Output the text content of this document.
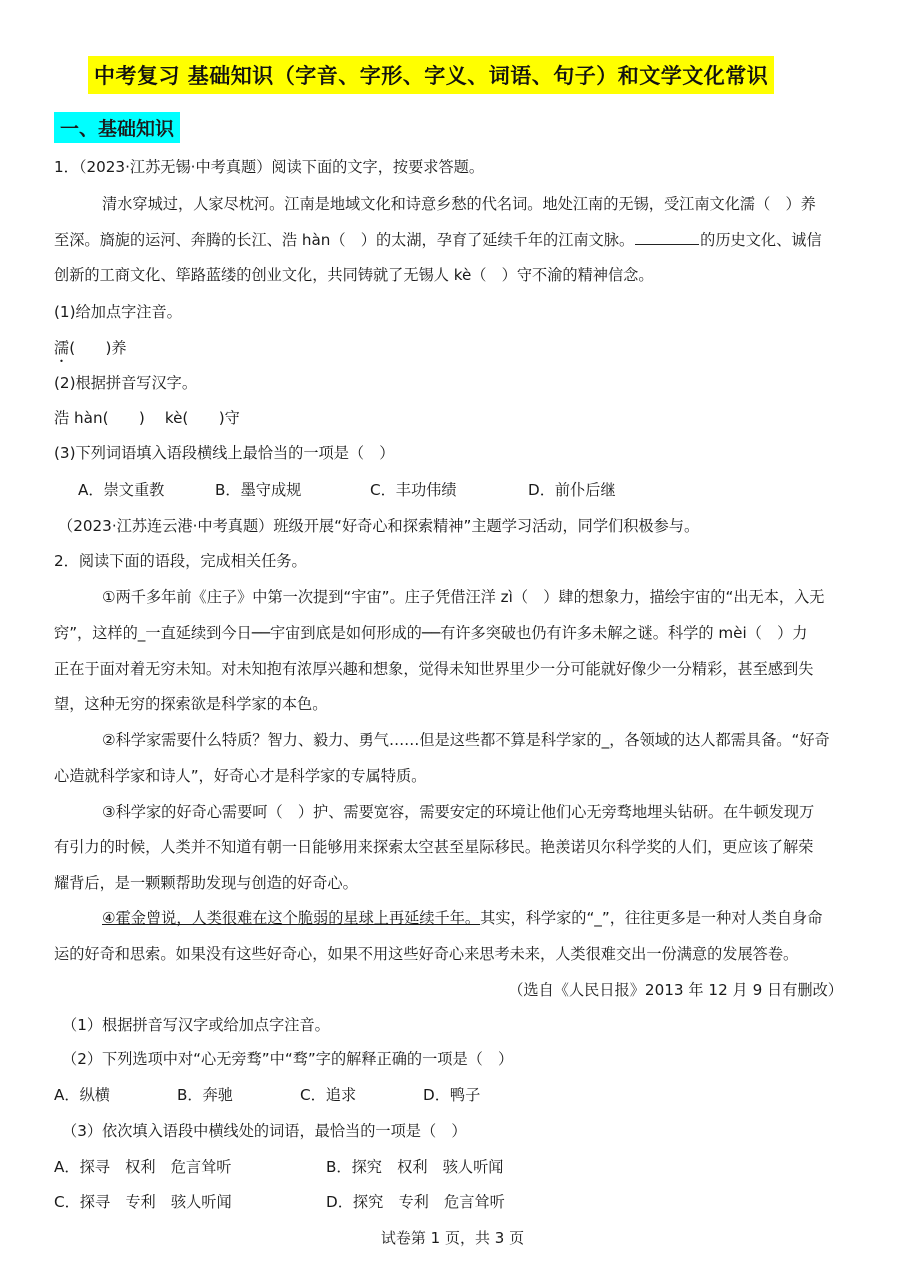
中考复习 基础知识（字音、字形、字义、词语、句子）和文学文化常识
一、基础知识
1．（2023·江苏无锡·中考真题）阅读下面的文字，按要求答题。
清水穿城过，人家尽枕河。江南是地域文化和诗意乡愁的代名词。地处江南的无锡，受江南文化濡（　）养
至深。旖旎的运河、奔腾的长江、浩 hàn（　）的太湖，孕育了延续千年的江南文脉。	的历史文化、诚信
创新的工商文化、筚路蓝缕的创业文化，共同铸就了无锡人 kè（　）守不渝的精神信念。
(1)给加点字注音。
濡(　　)养
(2)根据拼音写汉字。
浩 hàn(　　)　 kè(　　)守
(3)下列词语填入语段横线上最恰当的一项是（　）
A．崇文重教	B．墨守成规	C．丰功伟绩	D．前仆后继
（2023·江苏连云港·中考真题）班级开展“好奇心和探索精神”主题学习活动，同学们积极参与。
2．阅读下面的语段，完成相关任务。
①两千多年前《庄子》中第一次提到“宇宙”。庄子凭借汪洋 zì（　）肆的想象力，描绘宇宙的“出无本，入无
窍”，这样的_一直延续到今日──宇宙到底是如何形成的──有许多突破也仍有许多未解之谜。科学的 mèi（　）力
正在于面对着无穷未知。对未知抱有浓厚兴趣和想象，觉得未知世界里少一分可能就好像少一分精彩，甚至感到失
望，这种无穷的探索欲是科学家的本色。
②科学家需要什么特质？智力、毅力、勇气……但是这些都不算是科学家的_，各领域的达人都需具备。“好奇
心造就科学家和诗人”，好奇心才是科学家的专属特质。
③科学家的好奇心需要呵（　）护、需要宽容，需要安定的环境让他们心无旁骛地埋头钻研。在牛顿发现万
有引力的时候，人类并不知道有朝一日能够用来探索太空甚至星际移民。艳羡诺贝尔科学奖的人们，更应该了解荣
耀背后，是一颗颗帮助发现与创造的好奇心。
④霍金曾说，人类很难在这个脆弱的星球上再延续千年。其实，科学家的“_”，往往更多是一种对人类自身命
运的好奇和思索。如果没有这些好奇心，如果不用这些好奇心来思考未来，人类很难交出一份满意的发展答卷。
（选自《人民日报》2013 年 12 月 9 日有删改）
（1）根据拼音写汉字或给加点字注音。
（2）下列选项中对“心无旁骛”中“骛”字的解释正确的一项是（　）
A．纵横	B．奔驰	C．追求	D．鸭子
（3）依次填入语段中横线处的词语，最恰当的一项是（　）
A．探寻　权利　危言耸听	B．探究　权利　骇人听闻
C．探寻　专利　骇人听闻	D．探究　专利　危言耸听
试卷第 1 页，共 3 页
